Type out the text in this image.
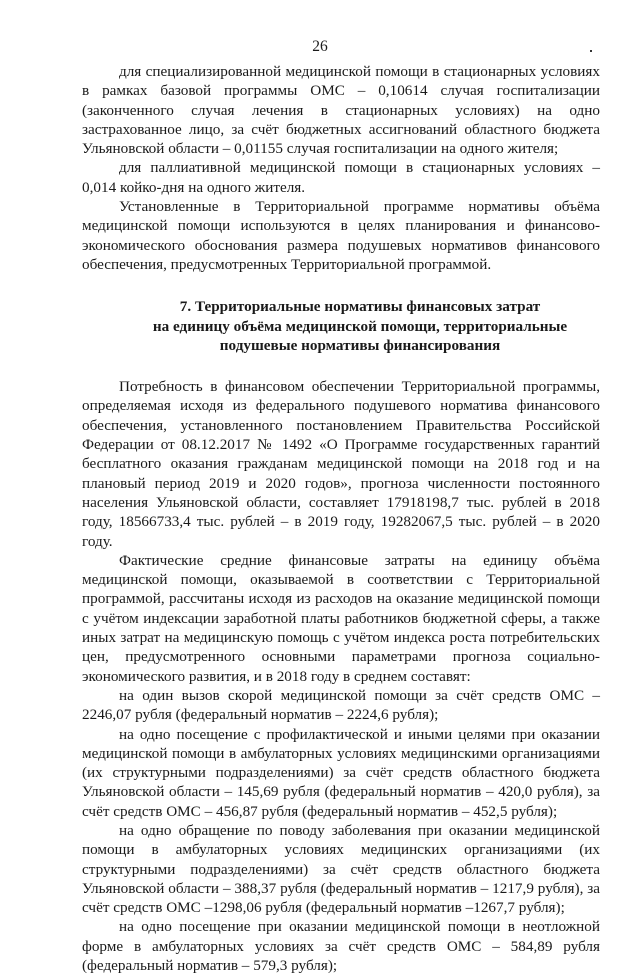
26

для специализированной медицинской помощи в стационарных условиях в рамках базовой программы ОМС – 0,10614 случая госпитализации (законченного случая лечения в стационарных условиях) на одно застрахованное лицо, за счёт бюджетных ассигнований областного бюджета Ульяновской области – 0,01155 случая госпитализации на одного жителя;

для паллиативной медицинской помощи в стационарных условиях – 0,014 койко-дня на одного жителя.

Установленные в Территориальной программе нормативы объёма медицинской помощи используются в целях планирования и финансово-экономического обоснования размера подушевых нормативов финансового обеспечения, предусмотренных Территориальной программой.

7. Территориальные нормативы финансовых затрат
на единицу объёма медицинской помощи, территориальные
подушевые нормативы финансирования

Потребность в финансовом обеспечении Территориальной программы, определяемая исходя из федерального подушевого норматива финансового обеспечения, установленного постановлением Правительства Российской Федерации от 08.12.2017 № 1492 «О Программе государственных гарантий бесплатного оказания гражданам медицинской помощи на 2018 год и на плановый период 2019 и 2020 годов», прогноза численности постоянного населения Ульяновской области, составляет 17918198,7 тыс. рублей в 2018 году, 18566733,4 тыс. рублей – в 2019 году, 19282067,5 тыс. рублей – в 2020 году.

Фактические средние финансовые затраты на единицу объёма медицинской помощи, оказываемой в соответствии с Территориальной программой, рассчитаны исходя из расходов на оказание медицинской помощи с учётом индексации заработной платы работников бюджетной сферы, а также иных затрат на медицинскую помощь с учётом индекса роста потребительских цен, предусмотренного основными параметрами прогноза социально-экономического развития, и в 2018 году в среднем составят:

на один вызов скорой медицинской помощи за счёт средств ОМС – 2246,07 рубля (федеральный норматив – 2224,6 рубля);

на одно посещение с профилактической и иными целями при оказании медицинской помощи в амбулаторных условиях медицинскими организациями (их структурными подразделениями) за счёт средств областного бюджета Ульяновской области – 145,69 рубля (федеральный норматив – 420,0 рубля), за счёт средств ОМС – 456,87 рубля (федеральный норматив – 452,5 рубля);

на одно обращение по поводу заболевания при оказании медицинской помощи в амбулаторных условиях медицинских организациями (их структурными подразделениями) за счёт средств областного бюджета Ульяновской области – 388,37 рубля (федеральный норматив – 1217,9 рубля), за счёт средств ОМС –1298,06 рубля (федеральный норматив –1267,7 рубля);

на одно посещение при оказании медицинской помощи в неотложной форме в амбулаторных условиях за счёт средств ОМС – 584,89 рубля (федеральный норматив – 579,3 рубля);
